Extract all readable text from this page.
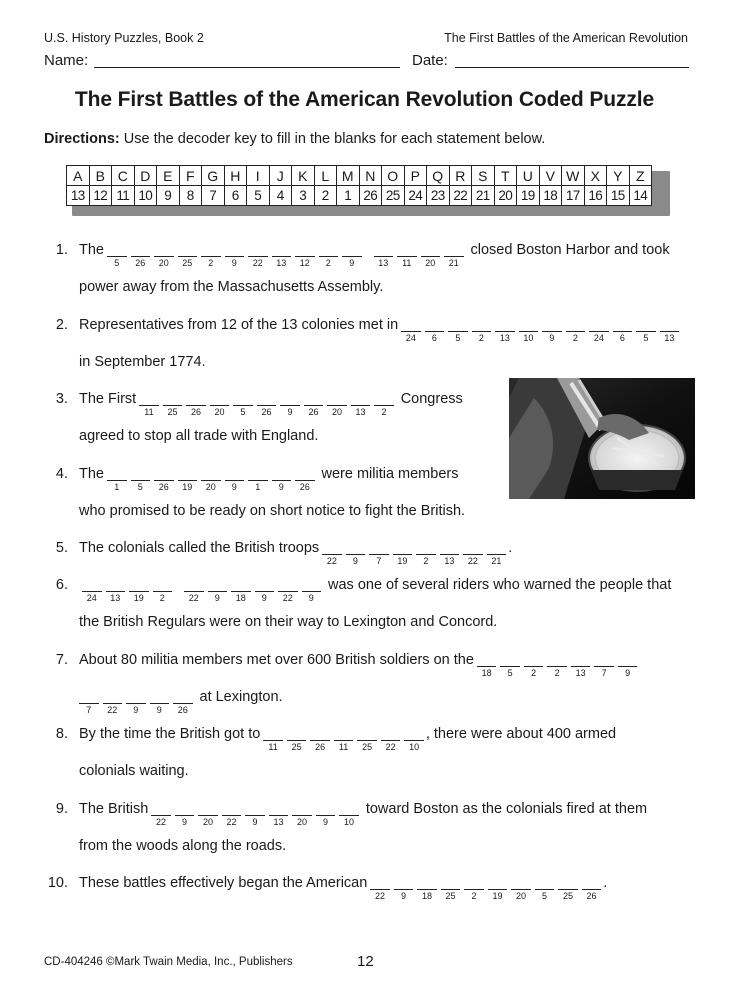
U.S. History Puzzles, Book 2	The First Battles of the American Revolution
Name:	Date:
The First Battles of the American Revolution Coded Puzzle
Directions: Use the decoder key to fill in the blanks for each statement below.
A	B	C	D	E	F	G	H	I	J	K	L	M	N	O	P	Q	R	S	T	U	V	W	X	Y	Z
13	12	11	10	9	8	7	6	5	4	3	2	1	26	25	24	23	22	21	20	19	18	17	16	15	14
1. The
5	26	20	25	2	9	22	13	12	2	9	13	11	20	21
closed Boston Harbor and took
power away from the Massachusetts Assembly.
2. Representatives from 12 of the 13 colonies met in
24	6	5	2	13	10	9	2	24	6	5	13
in September 1774.
3. The First
11	25	26	20	5	26	9	26	20	13	2
Congress
agreed to stop all trade with England.
4. The
1	5	26	19	20	9	1	9	26
were militia members
who promised to be ready on short notice to fight the British.
5. The colonials called the British troops
22	9	7	19	2	13	22	21
.
6.
24	13	19	2	22	9	18	9	22	9
was one of several riders who warned the people that
the British Regulars were on their way to Lexington and Concord.
7. About 80 militia members met over 600 British soldiers on the
18	5	2	2	13	7	9
7	22	9	9	26
at Lexington.
8. By the time the British got to
11	25	26	11	25	22	10
, there were about 400 armed
colonials waiting.
9. The British
22	9	20	22	9	13	20	9	10
toward Boston as the colonials fired at them
from the woods along the roads.
10. These battles effectively began the American
22	9	18	25	2	19	20	5	25	26
.
CD-404246 ©Mark Twain Media, Inc., Publishers	12
